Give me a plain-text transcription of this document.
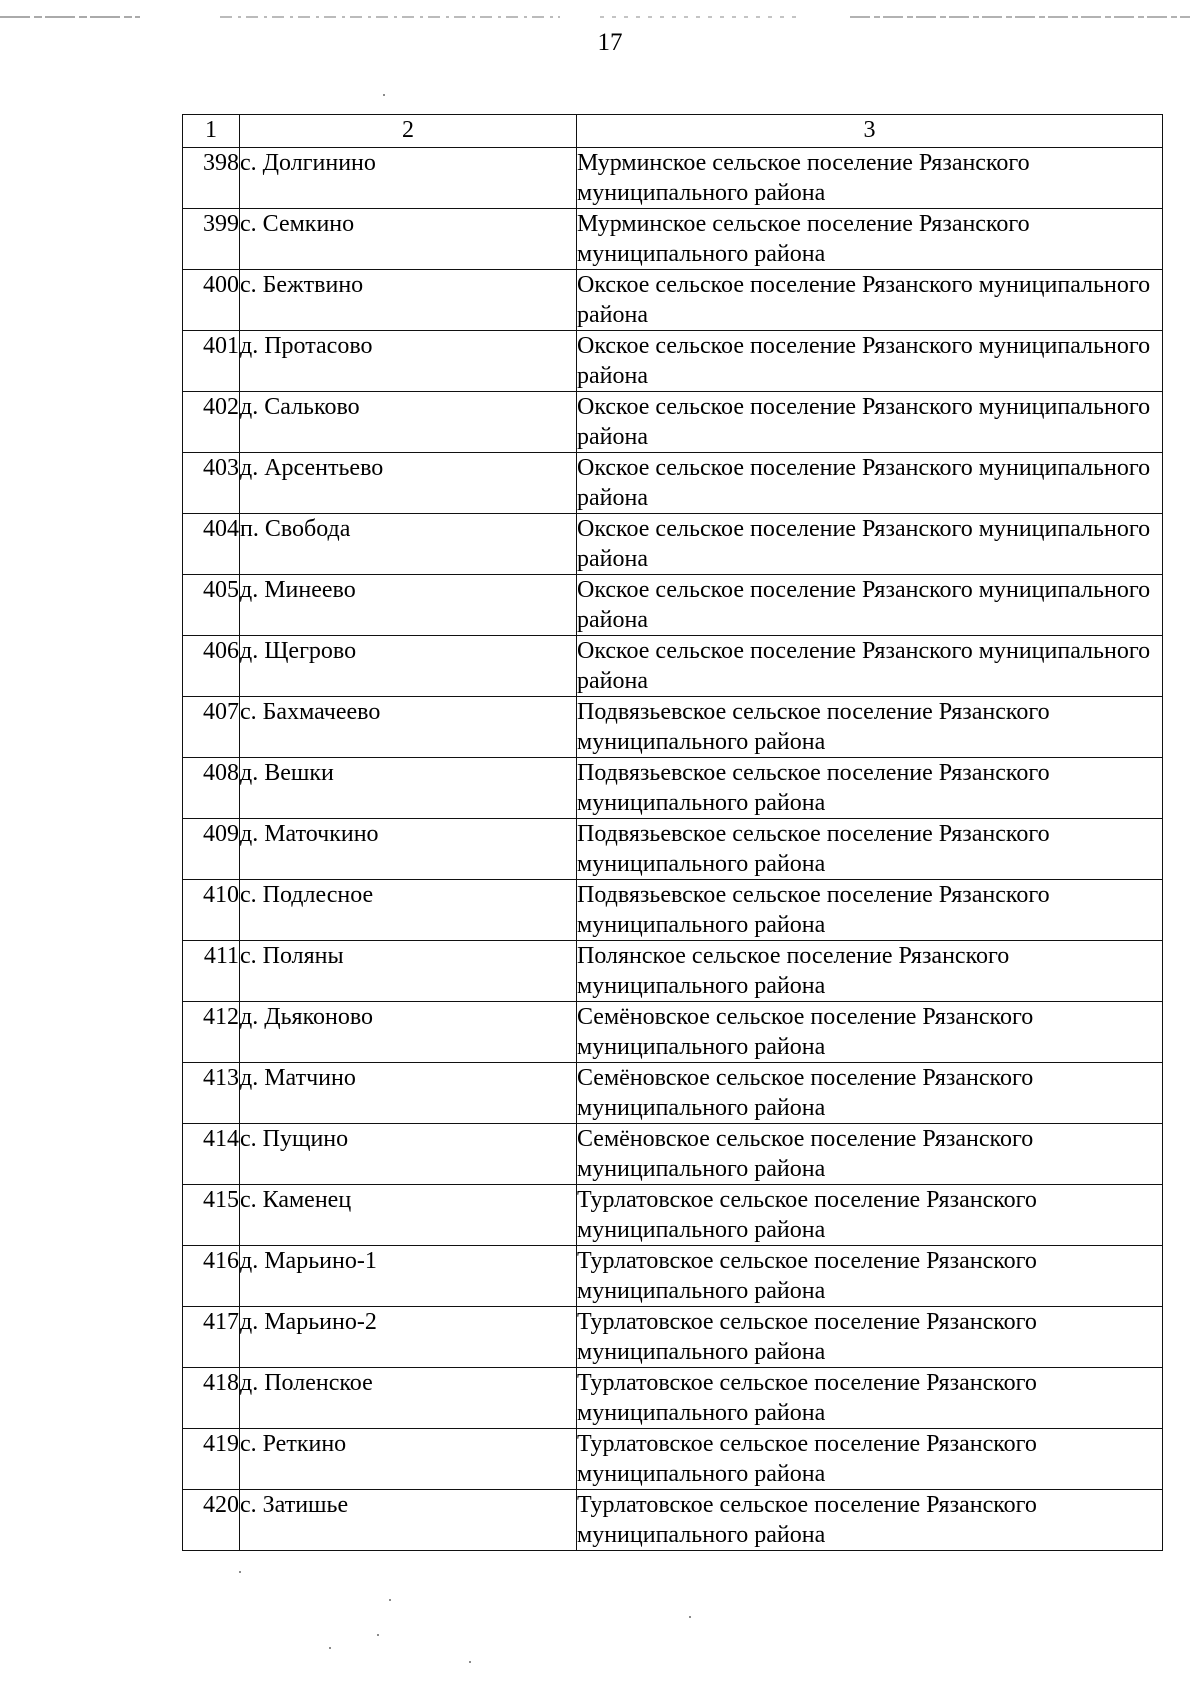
17
1	2	3
398	с. Долгинино	Мурминское сельское поселение Рязанского муниципального района
399	с. Семкино	Мурминское сельское поселение Рязанского муниципального района
400	с. Бежтвино	Окское сельское поселение Рязанского муниципального района
401	д. Протасово	Окское сельское поселение Рязанского муниципального района
402	д. Сальково	Окское сельское поселение Рязанского муниципального района
403	д. Арсентьево	Окское сельское поселение Рязанского муниципального района
404	п. Свобода	Окское сельское поселение Рязанского муниципального района
405	д. Минеево	Окское сельское поселение Рязанского муниципального района
406	д. Щегрово	Окское сельское поселение Рязанского муниципального района
407	с. Бахмачеево	Подвязьевское сельское поселение Рязанского муниципального района
408	д. Вешки	Подвязьевское сельское поселение Рязанского муниципального района
409	д. Маточкино	Подвязьевское сельское поселение Рязанского муниципального района
410	с. Подлесное	Подвязьевское сельское поселение Рязанского муниципального района
411	с. Поляны	Полянское сельское поселение Рязанского муниципального района
412	д. Дьяконово	Семёновское сельское поселение Рязанского муниципального района
413	д. Матчино	Семёновское сельское поселение Рязанского муниципального района
414	с. Пущино	Семёновское сельское поселение Рязанского муниципального района
415	с. Каменец	Турлатовское сельское поселение Рязанского муниципального района
416	д. Марьино-1	Турлатовское сельское поселение Рязанского муниципального района
417	д. Марьино-2	Турлатовское сельское поселение Рязанского муниципального района
418	д. Поленское	Турлатовское сельское поселение Рязанского муниципального района
419	с. Реткино	Турлатовское сельское поселение Рязанского муниципального района
420	с. Затишье	Турлатовское сельское поселение Рязанского муниципального района
